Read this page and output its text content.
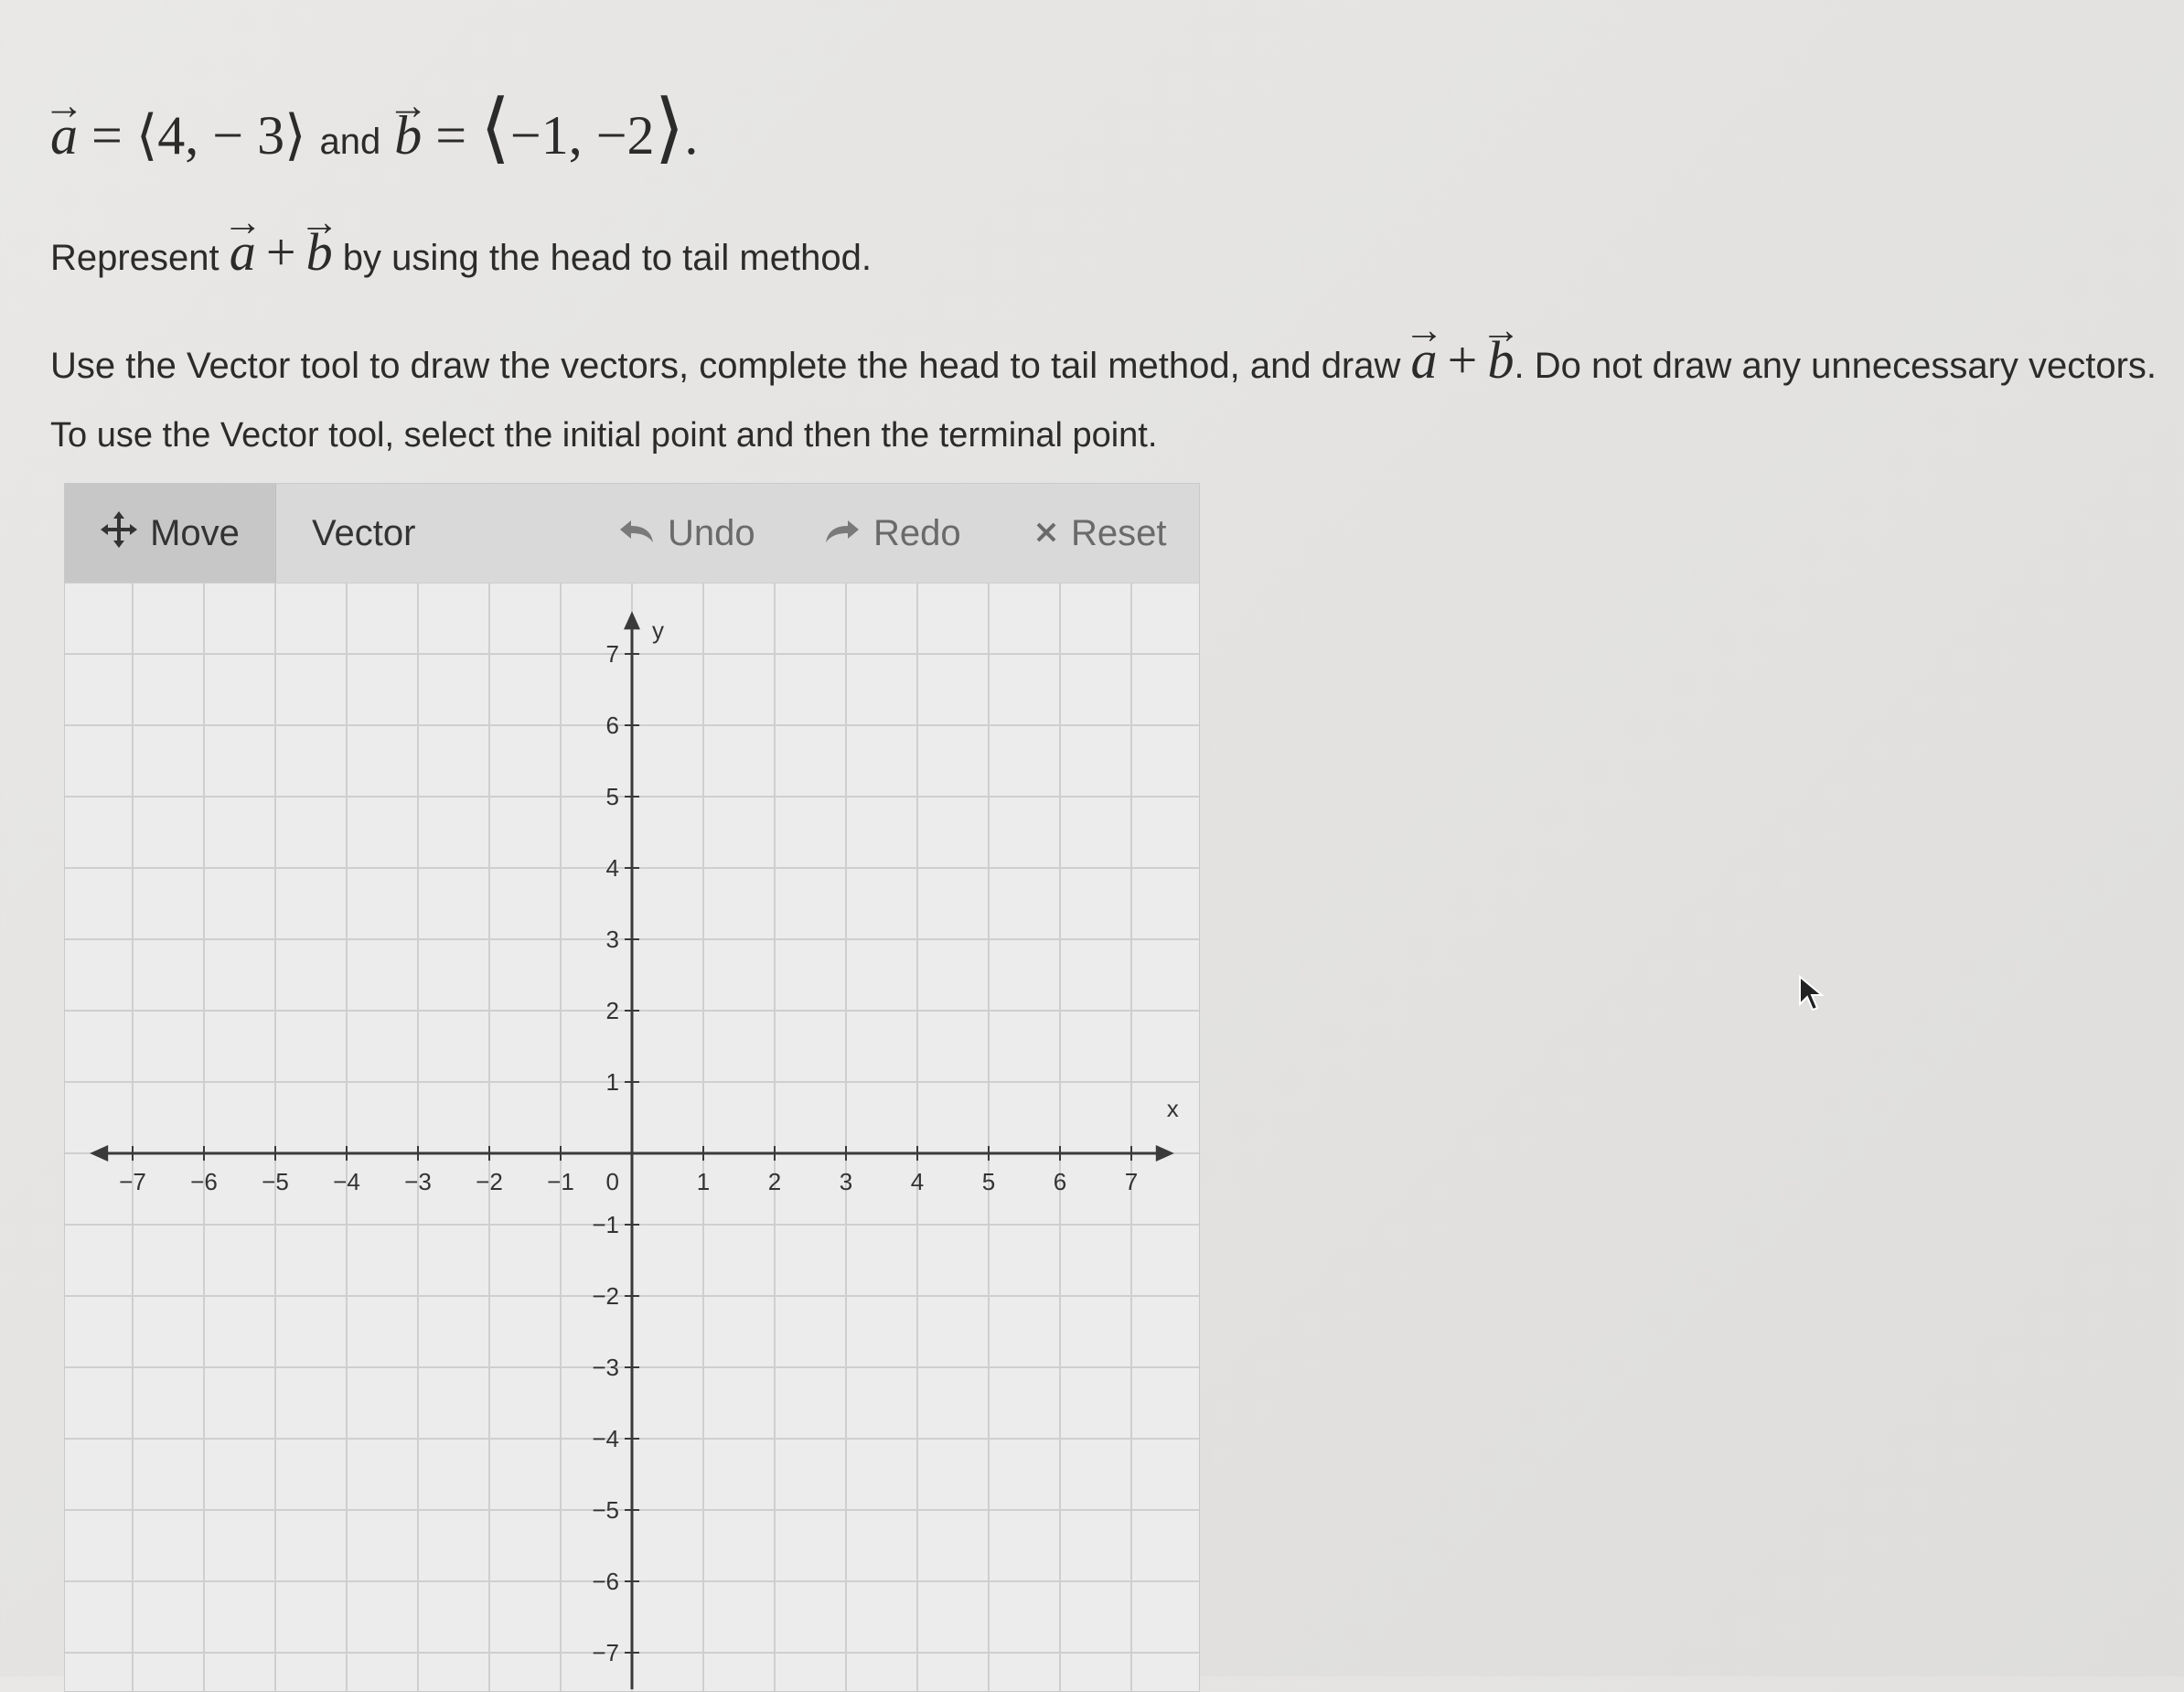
→ a = ⟨4, − 3⟩ and → b = ⟨−1, −2⟩.
Represent → a + → b by using the head to tail method.
Use the Vector tool to draw the vectors, complete the head to tail method, and draw → a + → b. Do not draw any unnecessary vectors.
To use the Vector tool, select the initial point and then the terminal point.
Move Vector	Undo	Redo	Reset
x
y
−7 −6 −5 −4 −3 −2 −1	1 2 3 4 5 6 7
7
6
5
4
3
2
1
−1
−2
−3
−4
−5
−6
−7
0
